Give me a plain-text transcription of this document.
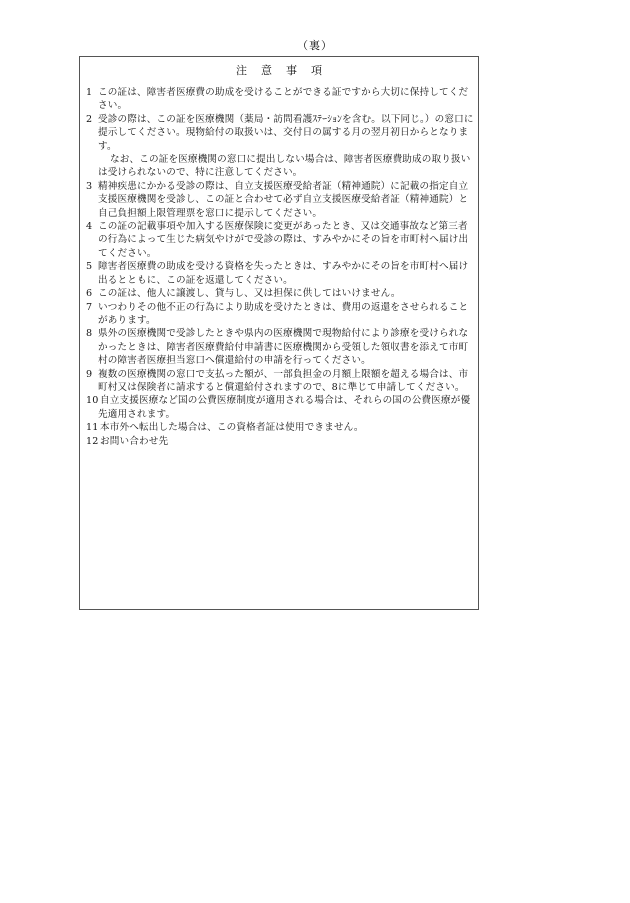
（裏）
注意事項
1 この証は、障害者医療費の助成を受けることができる証ですから大切に保持してください。
2 受診の際は、この証を医療機関（薬局・訪問看護ｽﾃｰｼｮﾝを含む。以下同じ。）の窓口に提示してください。現物給付の取扱いは、交付日の属する月の翌月初日からとなります。
なお、この証を医療機関の窓口に提出しない場合は、障害者医療費助成の取り扱いは受けられないので、特に注意してください。
3 精神疾患にかかる受診の際は、自立支援医療受給者証（精神通院）に記載の指定自立支援医療機関を受診し、この証と合わせて必ず自立支援医療受給者証（精神通院）と自己負担額上限管理票を窓口に提示してください。
4 この証の記載事項や加入する医療保険に変更があったとき、又は交通事故など第三者の行為によって生じた病気やけがで受診の際は、すみやかにその旨を市町村へ届け出てください。
5 障害者医療費の助成を受ける資格を失ったときは、すみやかにその旨を市町村へ届け出るとともに、この証を返還してください。
6 この証は、他人に譲渡し、貸与し、又は担保に供してはいけません。
7 いつわりその他不正の行為により助成を受けたときは、費用の返還をさせられることがあります。
8 県外の医療機関で受診したときや県内の医療機関で現物給付により診療を受けられなかったときは、障害者医療費給付申請書に医療機関から受領した領収書を添えて市町村の障害者医療担当窓口へ償還給付の申請を行ってください。
9 複数の医療機関の窓口で支払った額が、一部負担金の月額上限額を超える場合は、市町村又は保険者に請求すると償還給付されますので、8に準じて申請してください。
10自立支援医療など国の公費医療制度が適用される場合は、それらの国の公費医療が優先適用されます。
11本市外へ転出した場合は、この資格者証は使用できません。
12お問い合わせ先
